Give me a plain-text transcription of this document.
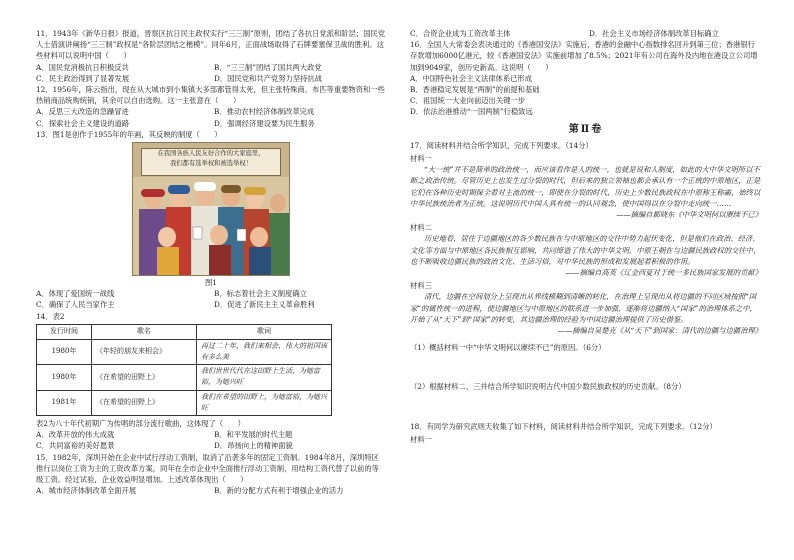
11．1943年《新华日报》报道，晋察区抗日民主政权实行“三三制”原则，团结了各抗日党派和阶层；国民党人士借演讲阐扬“三三制”政权是“各阶层团结之楷模”。同年6月，正面战场取得了石牌要塞保卫战的胜利。这些材料可以说明中国（　　）

A．国民党消极抗日积极反共	B．“三三制”团结了国共两大政党
C．民主政治得到了显著发展	D．国民党和共产党努力坚持抗战

12．1956年，陈云指出，现在从大城市到小集镇大多部都管得太死，但主张特殊商、布匹等重要物资和一些热销商品统购统销，其余可以自由选购。这一主张意在（　　）

A．反思三大改造的急躁冒进	B．推动农村经济体制改革完成
C．探索社会主义建设的道路	D．强调经济建设要为民生服务

13．图1是创作于1955年的年画，其反映的制度（　　）

在我国各族人民友好合作的大家庭里，
我们都有选举权和被选举权！
图1
A．体现了爱国统一战线	B．标志着社会主义制度确立
C．确保了人民当家作主	D．促进了新民主主义革命胜利

14．表2

发行时间	歌名	歌词
1980年	《年轻的朋友来相会》	再过二十年，我们来相会，伟大的祖国该有多么美
1980年	《在希望的田野上》	我们世世代代在这田野上生活，为她富裕，为她兴旺
1981年	《在希望的田野上》	我们在希望的田野上，为她富裕，为她兴旺

表2为八十年代初期广为传唱的部分流行歌曲，这体现了（　　）

A．改革开放的伟大成就	B．和平发展的时代主题
C．共同富裕的美好愿景	D．昂扬向上的精神面貌

15．1982年，深圳开始在企业中试行浮动工资制，取消了沿袭多年的固定工资制。1984年8月，深圳特区推行以岗位工资为主的工资改革方案，同年在全市企业中全面推行浮动工资制，用结构工资代替了以前的等级工资。经过试验，企业效益明显增加。上述改革体现出（　　）

A．城市经济体制改革全面开展	B．新的分配方式有利于增强企业的活力
C．合资企业成为工资改革主体	D．社会主义市场经济体制改革目标确立

16．全国人大常委会表决通过的《香港国安法》实施后，香港的金融中心指数排名回升到第三位；香港银行存款增加6000亿港元，较《香港国安法》实施前增加了8.5%；2021年有公司在海外及内地在港设立公司增加到9049家，创历史新高。这说明（　　）

A．中国特色社会主义法律体系已形成
B．香港稳定发展是“两制”的前提和基础
C．祖国统一大业向前迈出关键一步
D．依法治港推动“一国两制”行稳致远
第Ⅱ卷

17．阅读材料并结合所学知识，完成下列要求。（14分）

材料一

“大一统”并不是简单的政治统一，而应该看作是人的统一，也就是说和人制度，如此的大中华文明所以不断之政治传统。尽管历史上也发生过分裂的时代，但后来的独立领袖也都会承认有一个正统的中原地区，正是它们在各种历史时期保全着对主流的统一，即使在分裂的时代，历史上少数民族政权在中原称王称霸，始终以中华民族统治者为正统。这说明历代中国人具有统一的认同观念，使中国得以在分裂中走向统一……

——摘编自都晓东《中华文明何以赓续不已》

材料二

历史地看，居住于边疆地区的各少数民族在与中原地区的交往中势力起伏变化，但是他们在政治、经济、文化等方面与中原地区各民族相互影响，共同缔造了伟大的中华文明，中原王朝在与边疆民族政权的交往中，也不断吸收边疆民族的政治文化、生活习俗，对中华民族的形成和发展起着积极的作用。

——摘编自高英《辽金西夏对于统一多民族国家发展的贡献》

材料三

清代，边疆在空间划分上呈现出从界线模糊到清晰的转化，在治理上呈现出从将边疆的不同区域按照“国家”的属性统一的进程，使边疆地区与中原地区的联系进一步加强，逐渐将边疆纳入“国家”的治理体系之中，开始了从“天下”到“国家”的转变，其边疆治理的经验为中国边疆治理提供了历史借鉴。

——摘编自吴楚克《从“天下”到国家：清代的边疆与边疆治理》

（1）概括材料一中“中华文明何以赓续不已”的原因。（6分）

（2）根据材料二、三并结合所学知识说明古代中国少数民族政权的历史贡献。（8分）

18．有同学为研究武则天收集了如下材料，阅读材料并结合所学知识，完成下列要求。（12分）

材料一
